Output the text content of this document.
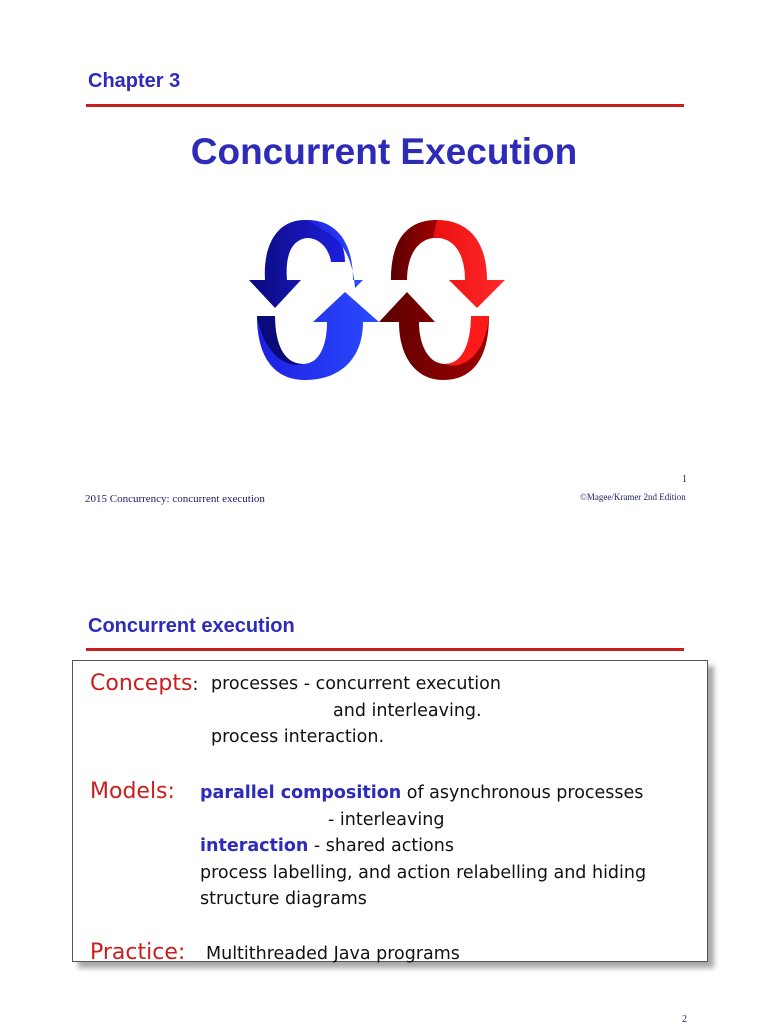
Chapter 3
Concurrent Execution
1
2015 Concurrency: concurrent execution	©Magee/Kramer 2nd Edition
Concurrent execution
Concepts: processes - concurrent execution
and interleaving.
process interaction.
Models: parallel composition of asynchronous processes
- interleaving
interaction - shared actions
process labelling, and action relabelling and hiding
structure diagrams
Practice: Multithreaded Java programs
2
